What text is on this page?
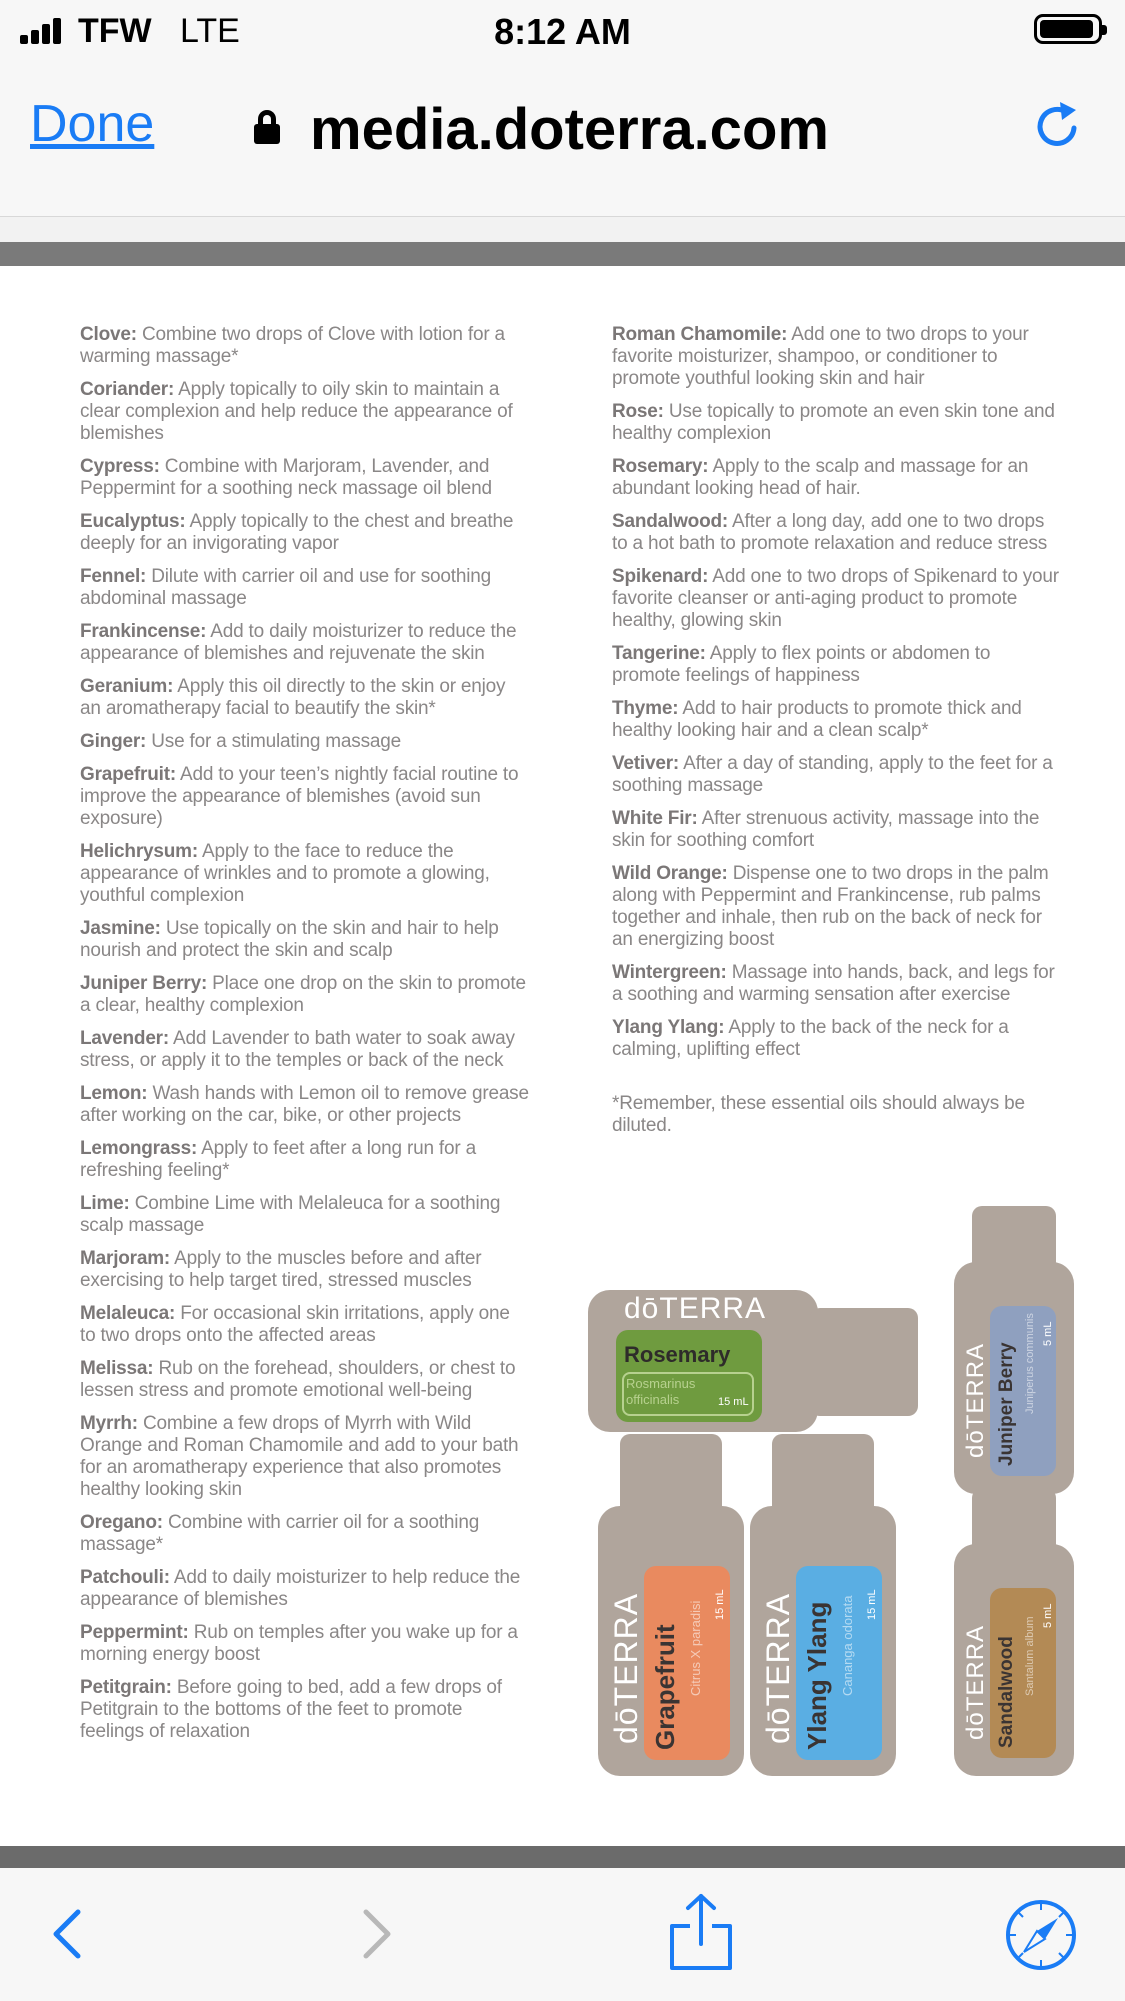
TFW LTE	8:12 AM
Done	media.doterra.com
Clove: Combine two drops of Clove with lotion for a warming massage*
Coriander: Apply topically to oily skin to maintain a clear complexion and help reduce the appearance of blemishes
Cypress: Combine with Marjoram, Lavender, and Peppermint for a soothing neck massage oil blend
Eucalyptus: Apply topically to the chest and breathe deeply for an invigorating vapor
Fennel: Dilute with carrier oil and use for soothing abdominal massage
Frankincense: Add to daily moisturizer to reduce the appearance of blemishes and rejuvenate the skin
Geranium: Apply this oil directly to the skin or enjoy an aromatherapy facial to beautify the skin*
Ginger: Use for a stimulating massage
Grapefruit: Add to your teen’s nightly facial routine to improve the appearance of blemishes (avoid sun exposure)
Helichrysum: Apply to the face to reduce the appearance of wrinkles and to promote a glowing, youthful complexion
Jasmine: Use topically on the skin and hair to help nourish and protect the skin and scalp
Juniper Berry: Place one drop on the skin to promote a clear, healthy complexion
Lavender: Add Lavender to bath water to soak away stress, or apply it to the temples or back of the neck
Lemon: Wash hands with Lemon oil to remove grease after working on the car, bike, or other projects
Lemongrass: Apply to feet after a long run for a refreshing feeling*
Lime: Combine Lime with Melaleuca for a soothing scalp massage
Marjoram: Apply to the muscles before and after exercising to help target tired, stressed muscles
Melaleuca: For occasional skin irritations, apply one to two drops onto the affected areas
Melissa: Rub on the forehead, shoulders, or chest to lessen stress and promote emotional well-being
Myrrh: Combine a few drops of Myrrh with Wild Orange and Roman Chamomile and add to your bath for an aromatherapy experience that also promotes healthy looking skin
Oregano: Combine with carrier oil for a soothing massage*
Patchouli: Add to daily moisturizer to help reduce the appearance of blemishes
Peppermint: Rub on temples after you wake up for a morning energy boost
Petitgrain: Before going to bed, add a few drops of Petitgrain to the bottoms of the feet to promote feelings of relaxation
Roman Chamomile: Add one to two drops to your favorite moisturizer, shampoo, or conditioner to promote youthful looking skin and hair
Rose: Use topically to promote an even skin tone and healthy complexion
Rosemary: Apply to the scalp and massage for an abundant looking head of hair.
Sandalwood: After a long day, add one to two drops to a hot bath to promote relaxation and reduce stress
Spikenard: Add one to two drops of Spikenard to your favorite cleanser or anti-aging product to promote healthy, glowing skin
Tangerine: Apply to flex points or abdomen to promote feelings of happiness
Thyme: Add to hair products to promote thick and healthy looking hair and a clean scalp*
Vetiver: After a day of standing, apply to the feet for a soothing massage
White Fir: After strenuous activity, massage into the skin for soothing comfort
Wild Orange: Dispense one to two drops in the palm along with Peppermint and Frankincense, rub palms together and inhale, then rub on the back of neck for an energizing boost
Wintergreen: Massage into hands, back, and legs for a soothing and warming sensation after exercise
Ylang Ylang: Apply to the back of the neck for a calming, uplifting effect
*Remember, these essential oils should always be diluted.
dōTERRA
Rosemary
Rosmarinus officinalis	15 mL	dōTERRA Juniper Berry Juniperus communis 5 mL
dōTERRA Grapefruit Citrus X paradisi 15 mL dōTERRA Ylang Ylang Cananga odorata 15 mL
dōTERRA Sandalwood Santalum album
5 mL
